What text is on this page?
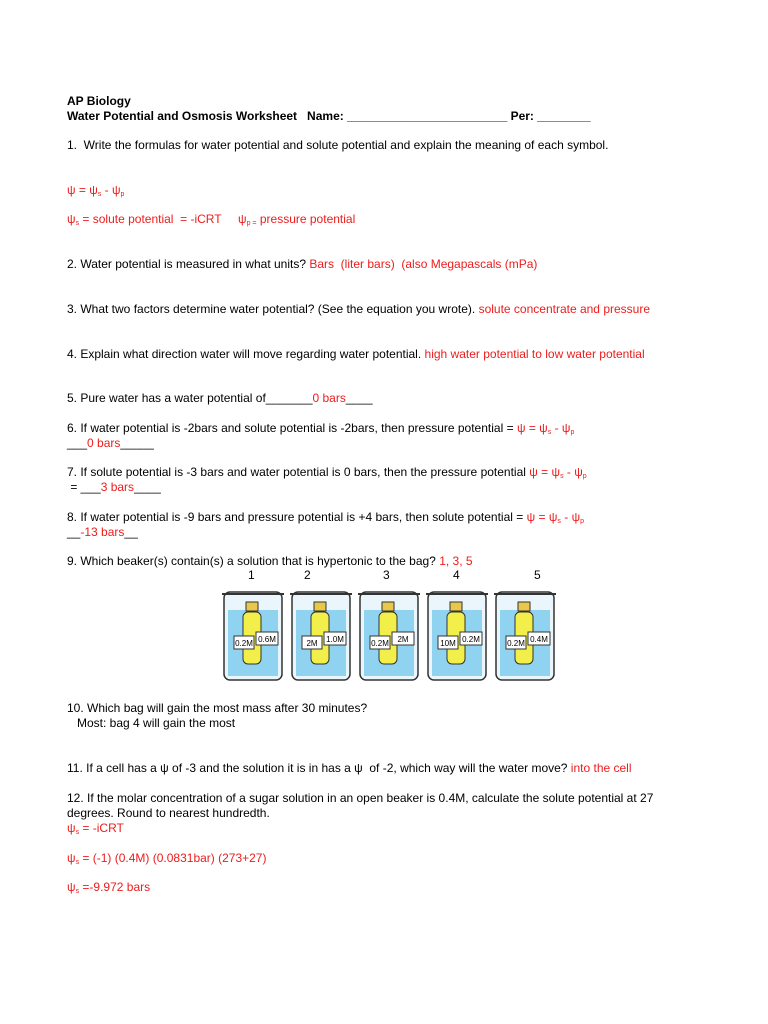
AP Biology
Water Potential and Osmosis Worksheet   Name: ________________________ Per: ________
1.  Write the formulas for water potential and solute potential and explain the meaning of each symbol.
$\psi = \psi_s - \psi_p$
$\psi_s$ = solute potential  = -iCRT     $\psi_{p =}$ pressure potential
2. Water potential is measured in what units? Bars  (liter bars)  (also Megapascals (mPa)
3. What two factors determine water potential? (See the equation you wrote). solute concentrate and pressure
4. Explain what direction water will move regarding water potential. high water potential to low water potential
5. Pure water has a water potential of_______0 bars____
6. If water potential is -2bars and solute potential is -2bars, then pressure potential = $\psi = \psi_s - \psi_p$
___0 bars_____
7. If solute potential is -3 bars and water potential is 0 bars, then the pressure potential $\psi = \psi_s - \psi_p$
= ___3 bars____
8. If water potential is -9 bars and pressure potential is +4 bars, then solute potential = $\psi = \psi_s - \psi_p$
__-13 bars__
9. Which beaker(s) contain(s) a solution that is hypertonic to the bag? 1, 3, 5
1	2	3	4	5
0.2M 0.6M	2M 1.0M	0.2M 2M	10M 0.2M	0.2M 0.4M
10. Which bag will gain the most mass after 30 minutes?
Most: bag 4 will gain the most
11. If a cell has a ψ of -3 and the solution it is in has a ψ  of -2, which way will the water move? into the cell
12. If the molar concentration of a sugar solution in an open beaker is 0.4M, calculate the solute potential at 27
degrees. Round to nearest hundredth.
$\psi_s$ = -iCRT
$\psi_s = (-1)$ (0.4M) (0.0831bar) (273+27)
$\psi_s =-9.972$ bars
